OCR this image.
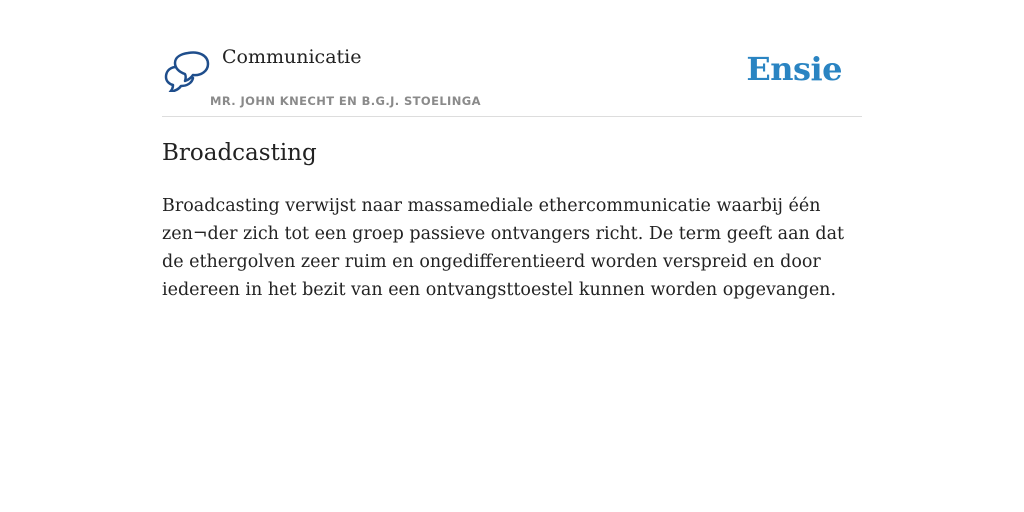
Communicatie
MR. JOHN KNECHT EN B.G.J. STOELINGA
Ensie
Broadcasting

Broadcasting verwijst naar massamediale ethercommunicatie waarbij één zen¬der zich tot een groep passieve ontvangers richt. De term geeft aan dat de ethergolven zeer ruim en ongedifferentieerd worden verspreid en door iedereen in het bezit van een ontvangsttoestel kunnen worden opgevangen.
